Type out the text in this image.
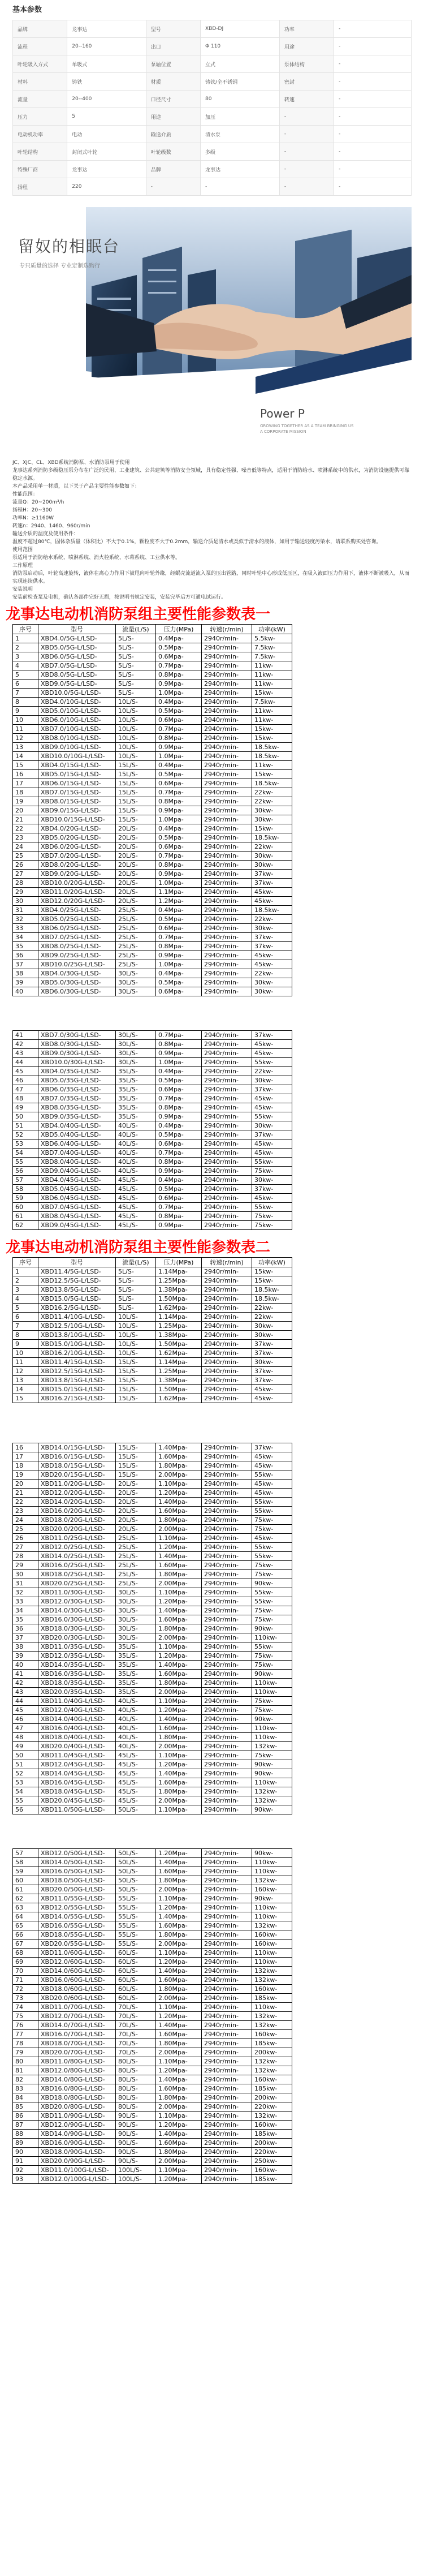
基本参数
品牌	龙事达	型号	XBD-DJ	功率	-
流程	20--160	出口	Φ 110	用途	-
叶轮吸入方式	单吸式	泵轴位置	立式	泵体结构	-
材料	铸铁	材质	铸铁/全不锈钢	密封	-
流量	20--400	口径尺寸	80	转速	-
压力	5	用途	加压	-	-
电动机功率	电动	输送介质	清水泵	-	-
叶轮结构	封闭式叶轮	叶轮级数	多级	-	-
特殊厂商	龙事达	品牌	龙事达	-	-
扬程	220	-	-	-	-
留奴的相眠台
专只质量的选择 专业定制选购行
Power P
GROWING TOGETHER AS A TEAM BRINGING US A CORPORATE MISSION

JC、XJC、CL、XBD系统消防泵、水消防泵用于使用

龙事达系列消防多级稳压泵分布在广泛的民用、工业建筑、公共建筑等消防安全领域，具有稳定性强、噪音低等特点，适用于消防给水、喷淋系统中的供水，为消防设施提供可靠稳定水源。

本产品采用单一材质，以下关于产品主要性能参数如下：

性能范围：

流量Q：20~200m³/h

扬程H：20~300

功率N：≥1160W

转速n：2940、1460、960r/min

输送介质的温度及使用条件：

温度不超过80℃，固体杂质量（体积比）不大于0.1%，颗粒度不大于0.2mm，输送介质是清水或类似于清水的液体，如用于输送轻度污染水，请联系购买处咨询。

使用范围

泵适用于消防给水系统、喷淋系统、消火栓系统、水幕系统、工业供水等。

工作原理

消防泵启动后，叶轮高速旋转，液体在离心力作用下被甩向叶轮外缘，经蜗壳流道流入泵的压出管路，同时叶轮中心形成低压区，在吸入液面压力作用下，液体不断被吸入，从而实现连续供水。

安装说明

安装前检查泵及电机，确认各部件完好无损，按说明书规定安装，安装完毕后方可通电试运行。

龙事达电动机消防泵组主要性能参数表一
序号	型号	流量(L/S)	压力(MPa)	转速(r/min)	功率(kW)
1	XBD4.0/5G-L/LSD-	5L/S-	0.4Mpa-	2940r/min-	5.5kw-
2	XBD5.0/5G-L/LSD-	5L/S-	0.5Mpa-	2940r/min-	7.5kw-
3	XBD6.0/5G-L/LSD-	5L/S-	0.6Mpa-	2940r/min-	7.5kw-
4	XBD7.0/5G-L/LSD-	5L/S-	0.7Mpa-	2940r/min-	11kw-
5	XBD8.0/5G-L/LSD-	5L/S-	0.8Mpa-	2940r/min-	11kw-
6	XBD9.0/5G-L/LSD-	5L/S-	0.9Mpa-	2940r/min-	11kw-
7	XBD10.0/5G-L/LSD-	5L/S-	1.0Mpa-	2940r/min-	15kw-
8	XBD4.0/10G-L/LSD-	10L/S-	0.4Mpa-	2940r/min-	7.5kw-
9	XBD5.0/10G-L/LSD-	10L/S-	0.5Mpa-	2940r/min-	11kw-
10	XBD6.0/10G-L/LSD-	10L/S-	0.6Mpa-	2940r/min-	11kw-
11	XBD7.0/10G-L/LSD-	10L/S-	0.7Mpa-	2940r/min-	15kw-
12	XBD8.0/10G-L/LSD-	10L/S-	0.8Mpa-	2940r/min-	15kw-
13	XBD9.0/10G-L/LSD-	10L/S-	0.9Mpa-	2940r/min-	18.5kw-
14	XBD10.0/10G-L/LSD-	10L/S-	1.0Mpa-	2940r/min-	18.5kw-
15	XBD4.0/15G-L/LSD-	15L/S-	0.4Mpa-	2940r/min-	11kw-
16	XBD5.0/15G-L/LSD-	15L/S-	0.5Mpa-	2940r/min-	15kw-
17	XBD6.0/15G-L/LSD-	15L/S-	0.6Mpa-	2940r/min-	18.5kw-
18	XBD7.0/15G-L/LSD-	15L/S-	0.7Mpa-	2940r/min-	22kw-
19	XBD8.0/15G-L/LSD-	15L/S-	0.8Mpa-	2940r/min-	22kw-
20	XBD9.0/15G-L/LSD-	15L/S-	0.9Mpa-	2940r/min-	30kw-
21	XBD10.0/15G-L/LSD-	15L/S-	1.0Mpa-	2940r/min-	30kw-
22	XBD4.0/20G-L/LSD-	20L/S-	0.4Mpa-	2940r/min-	15kw-
23	XBD5.0/20G-L/LSD-	20L/S-	0.5Mpa-	2940r/min-	18.5kw-
24	XBD6.0/20G-L/LSD-	20L/S-	0.6Mpa-	2940r/min-	22kw-
25	XBD7.0/20G-L/LSD-	20L/S-	0.7Mpa-	2940r/min-	30kw-
26	XBD8.0/20G-L/LSD-	20L/S-	0.8Mpa-	2940r/min-	30kw-
27	XBD9.0/20G-L/LSD-	20L/S-	0.9Mpa-	2940r/min-	37kw-
28	XBD10.0/20G-L/LSD-	20L/S-	1.0Mpa-	2940r/min-	37kw-
29	XBD11.0/20G-L/LSD-	20L/S-	1.1Mpa-	2940r/min-	45kw-
30	XBD12.0/20G-L/LSD-	20L/S-	1.2Mpa-	2940r/min-	45kw-
31	XBD4.0/25G-L/LSD-	25L/S-	0.4Mpa-	2940r/min-	18.5kw-
32	XBD5.0/25G-L/LSD-	25L/S-	0.5Mpa-	2940r/min-	22kw-
33	XBD6.0/25G-L/LSD-	25L/S-	0.6Mpa-	2940r/min-	30kw-
34	XBD7.0/25G-L/LSD-	25L/S-	0.7Mpa-	2940r/min-	37kw-
35	XBD8.0/25G-L/LSD-	25L/S-	0.8Mpa-	2940r/min-	37kw-
36	XBD9.0/25G-L/LSD-	25L/S-	0.9Mpa-	2940r/min-	45kw-
37	XBD10.0/25G-L/LSD-	25L/S-	1.0Mpa-	2940r/min-	45kw-
38	XBD4.0/30G-L/LSD-	30L/S-	0.4Mpa-	2940r/min-	22kw-
39	XBD5.0/30G-L/LSD-	30L/S-	0.5Mpa-	2940r/min-	30kw-
40	XBD6.0/30G-L/LSD-	30L/S-	0.6Mpa-	2940r/min-	30kw-
41	XBD7.0/30G-L/LSD-	30L/S-	0.7Mpa-	2940r/min-	37kw-
42	XBD8.0/30G-L/LSD-	30L/S-	0.8Mpa-	2940r/min-	45kw-
43	XBD9.0/30G-L/LSD-	30L/S-	0.9Mpa-	2940r/min-	45kw-
44	XBD10.0/30G-L/LSD-	30L/S-	1.0Mpa-	2940r/min-	55kw-
45	XBD4.0/35G-L/LSD-	35L/S-	0.4Mpa-	2940r/min-	22kw-
46	XBD5.0/35G-L/LSD-	35L/S-	0.5Mpa-	2940r/min-	30kw-
47	XBD6.0/35G-L/LSD-	35L/S-	0.6Mpa-	2940r/min-	37kw-
48	XBD7.0/35G-L/LSD-	35L/S-	0.7Mpa-	2940r/min-	45kw-
49	XBD8.0/35G-L/LSD-	35L/S-	0.8Mpa-	2940r/min-	45kw-
50	XBD9.0/35G-L/LSD-	35L/S-	0.9Mpa-	2940r/min-	55kw-
51	XBD4.0/40G-L/LSD-	40L/S-	0.4Mpa-	2940r/min-	30kw-
52	XBD5.0/40G-L/LSD-	40L/S-	0.5Mpa-	2940r/min-	37kw-
53	XBD6.0/40G-L/LSD-	40L/S-	0.6Mpa-	2940r/min-	45kw-
54	XBD7.0/40G-L/LSD-	40L/S-	0.7Mpa-	2940r/min-	45kw-
55	XBD8.0/40G-L/LSD-	40L/S-	0.8Mpa-	2940r/min-	55kw-
56	XBD9.0/40G-L/LSD-	40L/S-	0.9Mpa-	2940r/min-	75kw-
57	XBD4.0/45G-L/LSD-	45L/S-	0.4Mpa-	2940r/min-	30kw-
58	XBD5.0/45G-L/LSD-	45L/S-	0.5Mpa-	2940r/min-	37kw-
59	XBD6.0/45G-L/LSD-	45L/S-	0.6Mpa-	2940r/min-	45kw-
60	XBD7.0/45G-L/LSD-	45L/S-	0.7Mpa-	2940r/min-	55kw-
61	XBD8.0/45G-L/LSD-	45L/S-	0.8Mpa-	2940r/min-	75kw-
62	XBD9.0/45G-L/LSD-	45L/S-	0.9Mpa-	2940r/min-	75kw-
龙事达电动机消防泵组主要性能参数表二
序号	型号	流量(L/S)	压力(MPa)	转速(r/min)	功率(kW)
1	XBD11.4/5G-L/LSD-	5L/S-	1.14Mpa-	2940r/min-	15kw-
2	XBD12.5/5G-L/LSD-	5L/S-	1.25Mpa-	2940r/min-	15kw-
3	XBD13.8/5G-L/LSD-	5L/S-	1.38Mpa-	2940r/min-	18.5kw-
4	XBD15.0/5G-L/LSD-	5L/S-	1.50Mpa-	2940r/min-	18.5kw-
5	XBD16.2/5G-L/LSD-	5L/S-	1.62Mpa-	2940r/min-	22kw-
6	XBD11.4/10G-L/LSD-	10L/S-	1.14Mpa-	2940r/min-	22kw-
7	XBD12.5/10G-L/LSD-	10L/S-	1.25Mpa-	2940r/min-	30kw-
8	XBD13.8/10G-L/LSD-	10L/S-	1.38Mpa-	2940r/min-	30kw-
9	XBD15.0/10G-L/LSD-	10L/S-	1.50Mpa-	2940r/min-	37kw-
10	XBD16.2/10G-L/LSD-	10L/S-	1.62Mpa-	2940r/min-	37kw-
11	XBD11.4/15G-L/LSD-	15L/S-	1.14Mpa-	2940r/min-	30kw-
12	XBD12.5/15G-L/LSD-	15L/S-	1.25Mpa-	2940r/min-	37kw-
13	XBD13.8/15G-L/LSD-	15L/S-	1.38Mpa-	2940r/min-	37kw-
14	XBD15.0/15G-L/LSD-	15L/S-	1.50Mpa-	2940r/min-	45kw-
15	XBD16.2/15G-L/LSD-	15L/S-	1.62Mpa-	2940r/min-	45kw-
16	XBD14.0/15G-L/LSD-	15L/S-	1.40Mpa-	2940r/min-	37kw-
17	XBD16.0/15G-L/LSD-	15L/S-	1.60Mpa-	2940r/min-	45kw-
18	XBD18.0/15G-L/LSD-	15L/S-	1.80Mpa-	2940r/min-	45kw-
19	XBD20.0/15G-L/LSD-	15L/S-	2.00Mpa-	2940r/min-	55kw-
20	XBD11.0/20G-L/LSD-	20L/S-	1.10Mpa-	2940r/min-	45kw-
21	XBD12.0/20G-L/LSD-	20L/S-	1.20Mpa-	2940r/min-	45kw-
22	XBD14.0/20G-L/LSD-	20L/S-	1.40Mpa-	2940r/min-	55kw-
23	XBD16.0/20G-L/LSD-	20L/S-	1.60Mpa-	2940r/min-	55kw-
24	XBD18.0/20G-L/LSD-	20L/S-	1.80Mpa-	2940r/min-	75kw-
25	XBD20.0/20G-L/LSD-	20L/S-	2.00Mpa-	2940r/min-	75kw-
26	XBD11.0/25G-L/LSD-	25L/S-	1.10Mpa-	2940r/min-	45kw-
27	XBD12.0/25G-L/LSD-	25L/S-	1.20Mpa-	2940r/min-	55kw-
28	XBD14.0/25G-L/LSD-	25L/S-	1.40Mpa-	2940r/min-	55kw-
29	XBD16.0/25G-L/LSD-	25L/S-	1.60Mpa-	2940r/min-	75kw-
30	XBD18.0/25G-L/LSD-	25L/S-	1.80Mpa-	2940r/min-	75kw-
31	XBD20.0/25G-L/LSD-	25L/S-	2.00Mpa-	2940r/min-	90kw-
32	XBD11.0/30G-L/LSD-	30L/S-	1.10Mpa-	2940r/min-	55kw-
33	XBD12.0/30G-L/LSD-	30L/S-	1.20Mpa-	2940r/min-	55kw-
34	XBD14.0/30G-L/LSD-	30L/S-	1.40Mpa-	2940r/min-	75kw-
35	XBD16.0/30G-L/LSD-	30L/S-	1.60Mpa-	2940r/min-	75kw-
36	XBD18.0/30G-L/LSD-	30L/S-	1.80Mpa-	2940r/min-	90kw-
37	XBD20.0/30G-L/LSD-	30L/S-	2.00Mpa-	2940r/min-	110kw-
38	XBD11.0/35G-L/LSD-	35L/S-	1.10Mpa-	2940r/min-	55kw-
39	XBD12.0/35G-L/LSD-	35L/S-	1.20Mpa-	2940r/min-	75kw-
40	XBD14.0/35G-L/LSD-	35L/S-	1.40Mpa-	2940r/min-	75kw-
41	XBD16.0/35G-L/LSD-	35L/S-	1.60Mpa-	2940r/min-	90kw-
42	XBD18.0/35G-L/LSD-	35L/S-	1.80Mpa-	2940r/min-	110kw-
43	XBD20.0/35G-L/LSD-	35L/S-	2.00Mpa-	2940r/min-	110kw-
44	XBD11.0/40G-L/LSD-	40L/S-	1.10Mpa-	2940r/min-	75kw-
45	XBD12.0/40G-L/LSD-	40L/S-	1.20Mpa-	2940r/min-	75kw-
46	XBD14.0/40G-L/LSD-	40L/S-	1.40Mpa-	2940r/min-	90kw-
47	XBD16.0/40G-L/LSD-	40L/S-	1.60Mpa-	2940r/min-	110kw-
48	XBD18.0/40G-L/LSD-	40L/S-	1.80Mpa-	2940r/min-	110kw-
49	XBD20.0/40G-L/LSD-	40L/S-	2.00Mpa-	2940r/min-	132kw-
50	XBD11.0/45G-L/LSD-	45L/S-	1.10Mpa-	2940r/min-	75kw-
51	XBD12.0/45G-L/LSD-	45L/S-	1.20Mpa-	2940r/min-	90kw-
52	XBD14.0/45G-L/LSD-	45L/S-	1.40Mpa-	2940r/min-	90kw-
53	XBD16.0/45G-L/LSD-	45L/S-	1.60Mpa-	2940r/min-	110kw-
54	XBD18.0/45G-L/LSD-	45L/S-	1.80Mpa-	2940r/min-	132kw-
55	XBD20.0/45G-L/LSD-	45L/S-	2.00Mpa-	2940r/min-	132kw-
56	XBD11.0/50G-L/LSD-	50L/S-	1.10Mpa-	2940r/min-	90kw-
57	XBD12.0/50G-L/LSD-	50L/S-	1.20Mpa-	2940r/min-	90kw-
58	XBD14.0/50G-L/LSD-	50L/S-	1.40Mpa-	2940r/min-	110kw-
59	XBD16.0/50G-L/LSD-	50L/S-	1.60Mpa-	2940r/min-	110kw-
60	XBD18.0/50G-L/LSD-	50L/S-	1.80Mpa-	2940r/min-	132kw-
61	XBD20.0/50G-L/LSD-	50L/S-	2.00Mpa-	2940r/min-	160kw-
62	XBD11.0/55G-L/LSD-	55L/S-	1.10Mpa-	2940r/min-	90kw-
63	XBD12.0/55G-L/LSD-	55L/S-	1.20Mpa-	2940r/min-	110kw-
64	XBD14.0/55G-L/LSD-	55L/S-	1.40Mpa-	2940r/min-	110kw-
65	XBD16.0/55G-L/LSD-	55L/S-	1.60Mpa-	2940r/min-	132kw-
66	XBD18.0/55G-L/LSD-	55L/S-	1.80Mpa-	2940r/min-	160kw-
67	XBD20.0/55G-L/LSD-	55L/S-	2.00Mpa-	2940r/min-	160kw-
68	XBD11.0/60G-L/LSD-	60L/S-	1.10Mpa-	2940r/min-	110kw-
69	XBD12.0/60G-L/LSD-	60L/S-	1.20Mpa-	2940r/min-	110kw-
70	XBD14.0/60G-L/LSD-	60L/S-	1.40Mpa-	2940r/min-	132kw-
71	XBD16.0/60G-L/LSD-	60L/S-	1.60Mpa-	2940r/min-	132kw-
72	XBD18.0/60G-L/LSD-	60L/S-	1.80Mpa-	2940r/min-	160kw-
73	XBD20.0/60G-L/LSD-	60L/S-	2.00Mpa-	2940r/min-	185kw-
74	XBD11.0/70G-L/LSD-	70L/S-	1.10Mpa-	2940r/min-	110kw-
75	XBD12.0/70G-L/LSD-	70L/S-	1.20Mpa-	2940r/min-	132kw-
76	XBD14.0/70G-L/LSD-	70L/S-	1.40Mpa-	2940r/min-	132kw-
77	XBD16.0/70G-L/LSD-	70L/S-	1.60Mpa-	2940r/min-	160kw-
78	XBD18.0/70G-L/LSD-	70L/S-	1.80Mpa-	2940r/min-	185kw-
79	XBD20.0/70G-L/LSD-	70L/S-	2.00Mpa-	2940r/min-	200kw-
80	XBD11.0/80G-L/LSD-	80L/S-	1.10Mpa-	2940r/min-	132kw-
81	XBD12.0/80G-L/LSD-	80L/S-	1.20Mpa-	2940r/min-	132kw-
82	XBD14.0/80G-L/LSD-	80L/S-	1.40Mpa-	2940r/min-	160kw-
83	XBD16.0/80G-L/LSD-	80L/S-	1.60Mpa-	2940r/min-	185kw-
84	XBD18.0/80G-L/LSD-	80L/S-	1.80Mpa-	2940r/min-	200kw-
85	XBD20.0/80G-L/LSD-	80L/S-	2.00Mpa-	2940r/min-	220kw-
86	XBD11.0/90G-L/LSD-	90L/S-	1.10Mpa-	2940r/min-	132kw-
87	XBD12.0/90G-L/LSD-	90L/S-	1.20Mpa-	2940r/min-	160kw-
88	XBD14.0/90G-L/LSD-	90L/S-	1.40Mpa-	2940r/min-	185kw-
89	XBD16.0/90G-L/LSD-	90L/S-	1.60Mpa-	2940r/min-	200kw-
90	XBD18.0/90G-L/LSD-	90L/S-	1.80Mpa-	2940r/min-	220kw-
91	XBD20.0/90G-L/LSD-	90L/S-	2.00Mpa-	2940r/min-	250kw-
92	XBD11.0/100G-L/LSD-	100L/S-	1.10Mpa-	2940r/min-	160kw-
93	XBD12.0/100G-L/LSD-	100L/S-	1.20Mpa-	2940r/min-	185kw-
